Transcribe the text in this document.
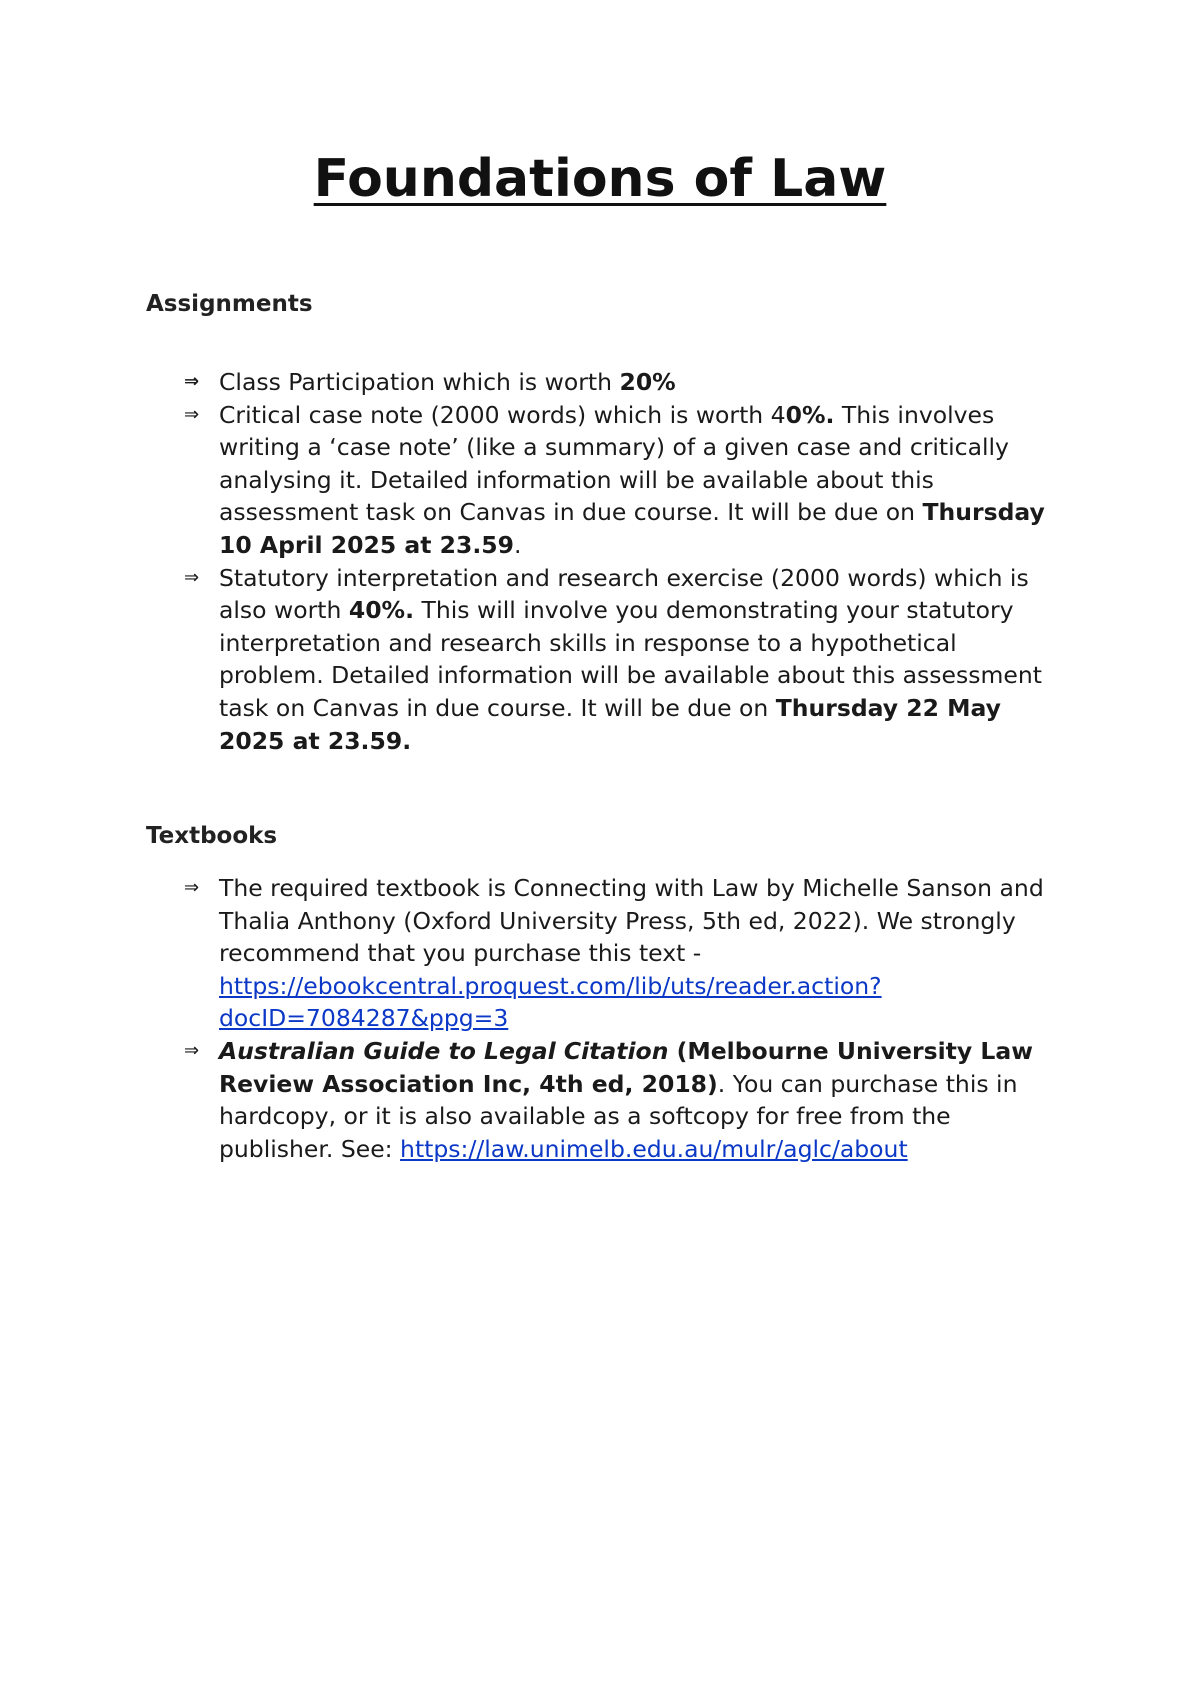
Foundations of Law
Assignments
⇒ Class Participation which is worth 20%
⇒ Critical case note (2000 words) which is worth 40%. This involves writing a ‘case note’ (like a summary) of a given case and critically analysing it. Detailed information will be available about this assessment task on Canvas in due course. It will be due on Thursday 10 April 2025 at 23.59.
⇒ Statutory interpretation and research exercise (2000 words) which is also worth 40%. This will involve you demonstrating your statutory interpretation and research skills in response to a hypothetical problem. Detailed information will be available about this assessment task on Canvas in due course. It will be due on Thursday 22 May 2025 at 23.59.
Textbooks
⇒ The required textbook is Connecting with Law by Michelle Sanson and Thalia Anthony (Oxford University Press, 5th ed, 2022). We strongly recommend that you purchase this text - https://ebookcentral.proquest.com/lib/uts/reader.action?docID=7084287&ppg=3
⇒ Australian Guide to Legal Citation (Melbourne University Law Review Association Inc, 4th ed, 2018). You can purchase this in hardcopy, or it is also available as a softcopy for free from the publisher. See: https://law.unimelb.edu.au/mulr/aglc/about
